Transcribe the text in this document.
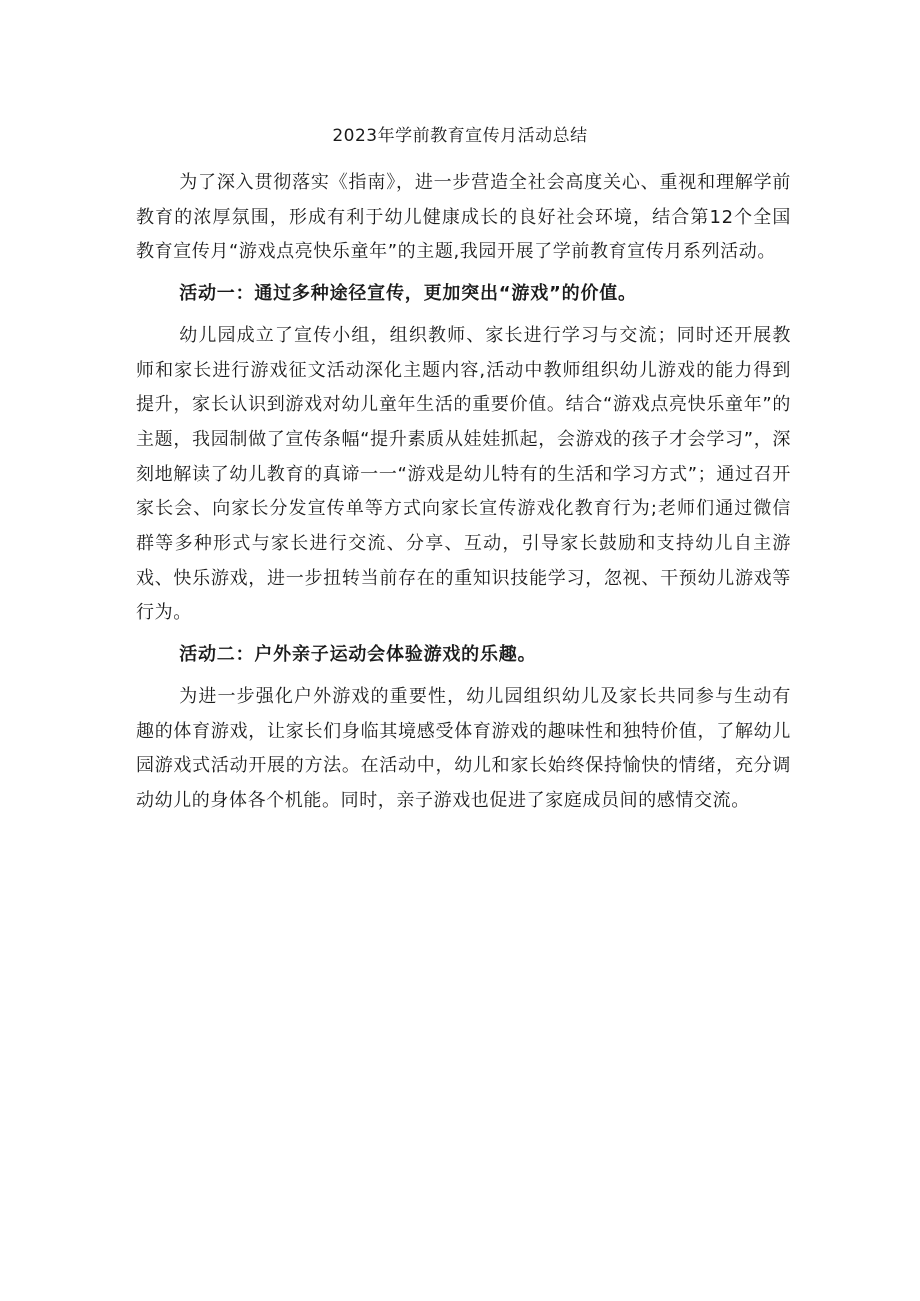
2023年学前教育宣传月活动总结

为了深入贯彻落实《指南》，进一步营造全社会高度关心、重视和理解学前教育的浓厚氛围，形成有利于幼儿健康成长的良好社会环境，结合第12个全国教育宣传月“游戏点亮快乐童年”的主题,我园开展了学前教育宣传月系列活动。

活动一：通过多种途径宣传，更加突出“游戏”的价值。

幼儿园成立了宣传小组，组织教师、家长进行学习与交流；同时还开展教师和家长进行游戏征文活动深化主题内容,活动中教师组织幼儿游戏的能力得到提升，家长认识到游戏对幼儿童年生活的重要价值。结合“游戏点亮快乐童年”的主题，我园制做了宣传条幅“提升素质从娃娃抓起，会游戏的孩子才会学习”，深刻地解读了幼儿教育的真谛一一“游戏是幼儿特有的生活和学习方式”；通过召开家长会、向家长分发宣传单等方式向家长宣传游戏化教育行为;老师们通过微信群等多种形式与家长进行交流、分享、互动，引导家长鼓励和支持幼儿自主游戏、快乐游戏，进一步扭转当前存在的重知识技能学习，忽视、干预幼儿游戏等行为。

活动二：户外亲子运动会体验游戏的乐趣。

为进一步强化户外游戏的重要性，幼儿园组织幼儿及家长共同参与生动有趣的体育游戏，让家长们身临其境感受体育游戏的趣味性和独特价值，了解幼儿园游戏式活动开展的方法。在活动中，幼儿和家长始终保持愉快的情绪，充分调动幼儿的身体各个机能。同时，亲子游戏也促进了家庭成员间的感情交流。
